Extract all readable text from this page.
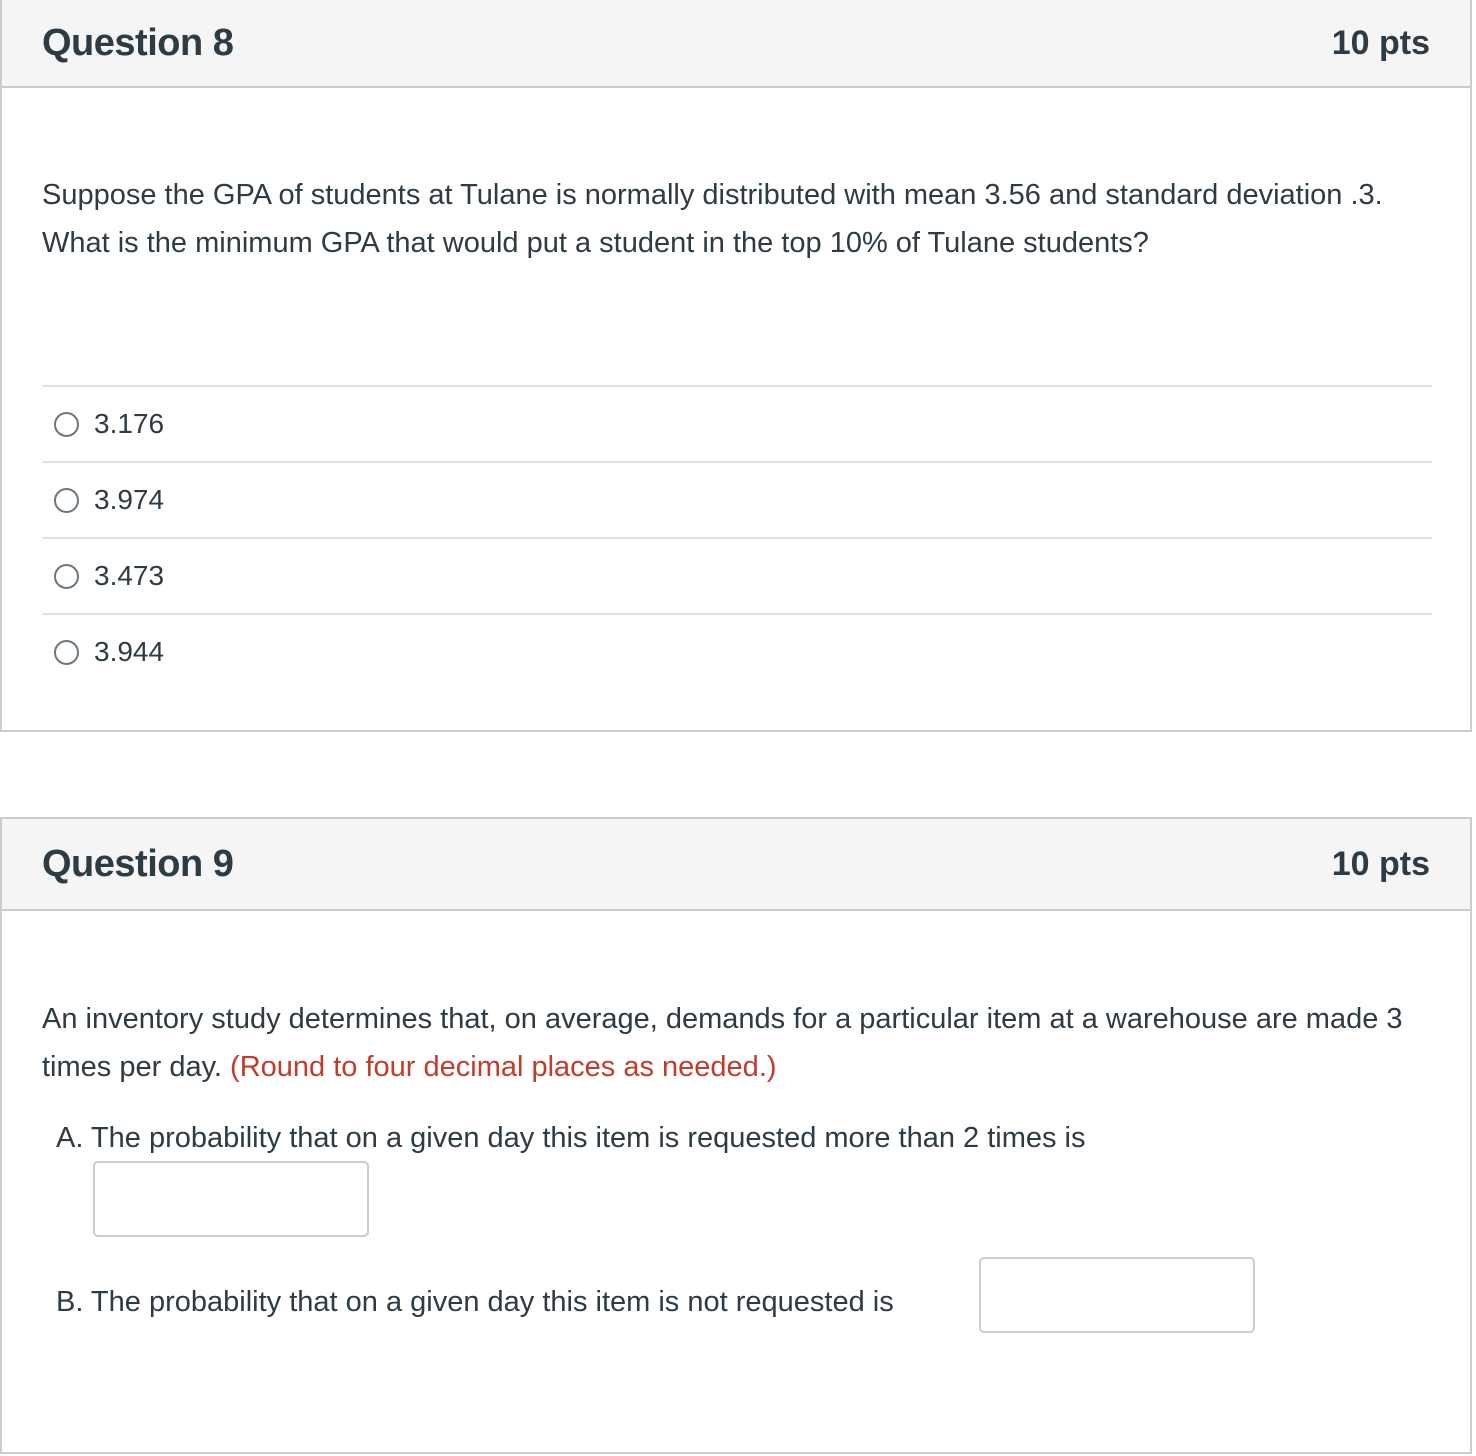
Question 8	10 pts
Suppose the GPA of students at Tulane is normally distributed with mean 3.56 and standard deviation .3. What is the minimum GPA that would put a student in the top 10% of Tulane students?
3.176
3.974
3.473
3.944
Question 9	10 pts
An inventory study determines that, on average, demands for a particular item at a warehouse are made 3 times per day. (Round to four decimal places as needed.)
A. The probability that on a given day this item is requested more than 2 times is
B. The probability that on a given day this item is not requested is
